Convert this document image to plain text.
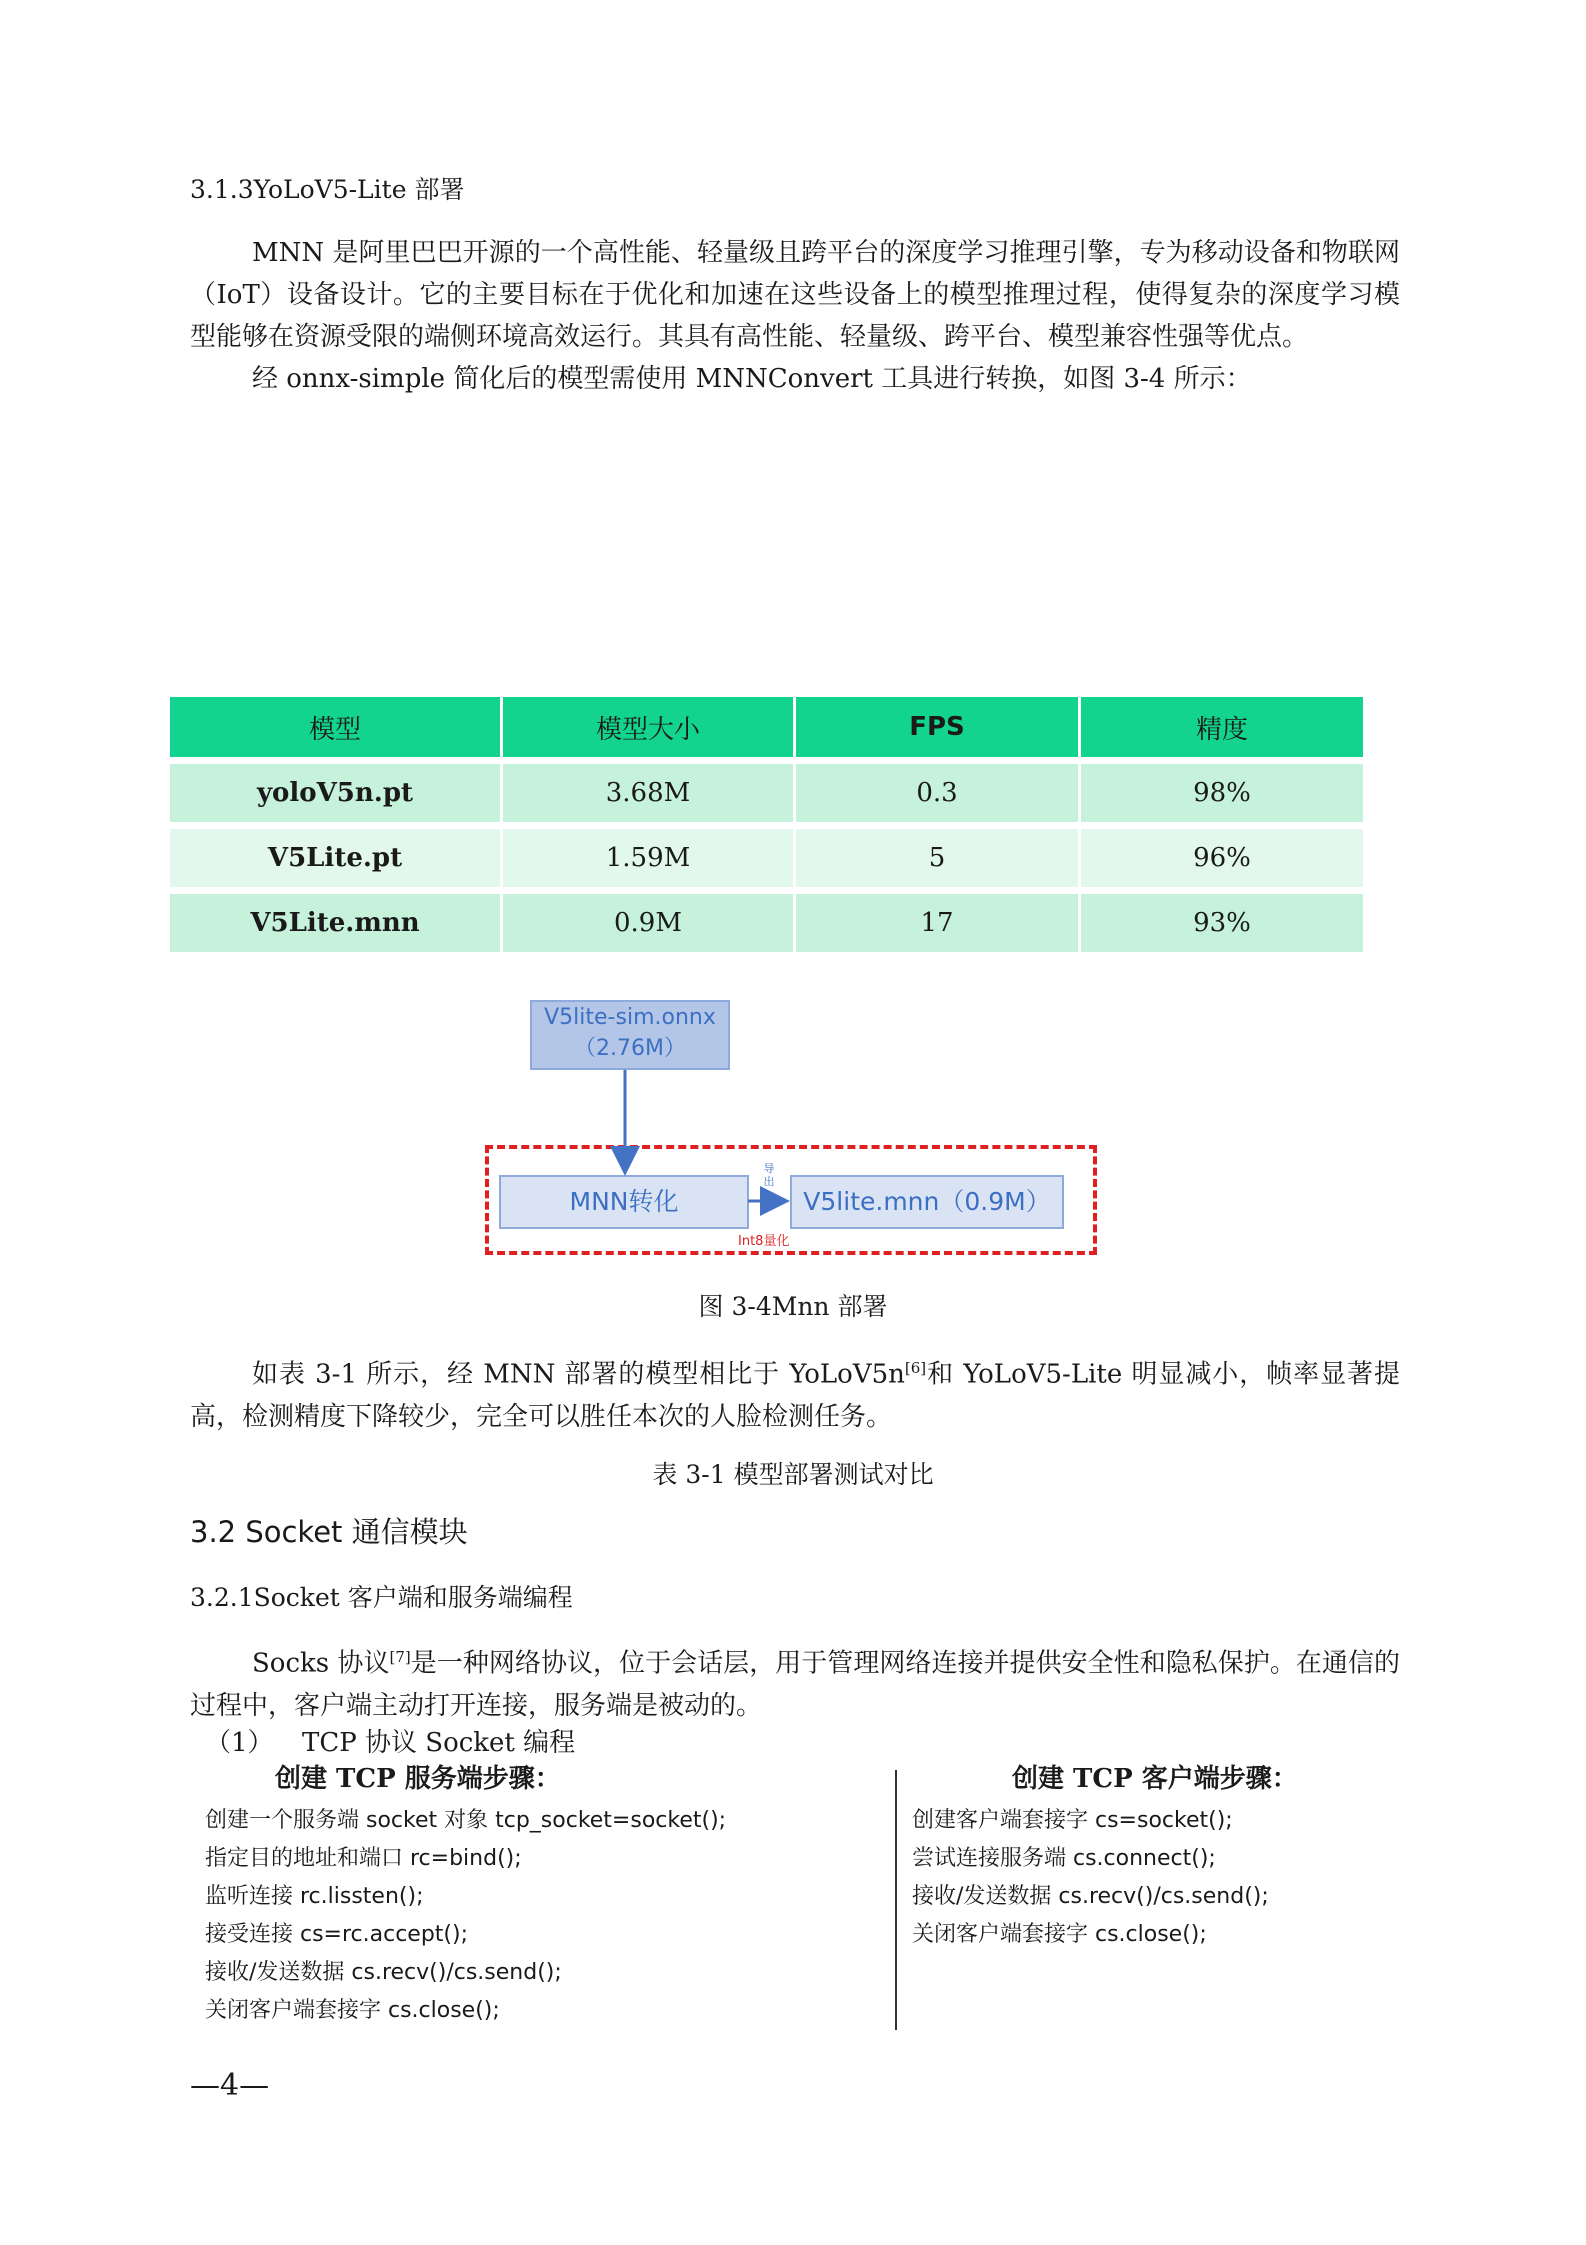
3.1.3YoLoV5-Lite 部署

MNN 是阿里巴巴开源的一个高性能、轻量级且跨平台的深度学习推理引擎，专为移动设备和物联网（IoT）设备设计。它的主要目标在于优化和加速在这些设备上的模型推理过程，使得复杂的深度学习模型能够在资源受限的端侧环境高效运行。其具有高性能、轻量级、跨平台、模型兼容性强等优点。

经 onnx-simple 简化后的模型需使用 MNNConvert 工具进行转换，如图 3-4 所示：

模型	模型大小	FPS	精度
yoloV5n.pt	3.68M	0.3	98%
V5Lite.pt	1.59M	5	96%
V5Lite.mnn	0.9M	17	93%
V5lite-sim.onnx
（2.76M）
MNN转化	V5lite.mnn（0.9M）
导出
Int8量化
图 3-4Mnn 部署
如表 3-1 所示，经 MNN 部署的模型相比于 YoLoV5n[6]和 YoLoV5-Lite 明显减小，帧率显著提高，检测精度下降较少，完全可以胜任本次的人脸检测任务。
表 3-1 模型部署测试对比
3.2 Socket 通信模块
3.2.1Socket 客户端和服务端编程
Socks 协议[7]是一种网络协议，位于会话层，用于管理网络连接并提供安全性和隐私保护。在通信的过程中，客户端主动打开连接，服务端是被动的。
（1） TCP 协议 Socket 编程
创建 TCP 服务端步骤：	创建 TCP 客户端步骤：
创建一个服务端 socket 对象 tcp_socket=socket();
指定目的地址和端口 rc=bind();
监听连接 rc.lissten();
接受连接 cs=rc.accept();
接收/发送数据 cs.recv()/cs.send();
关闭客户端套接字 cs.close();
创建客户端套接字 cs=socket();
尝试连接服务端 cs.connect();
接收/发送数据 cs.recv()/cs.send();
关闭客户端套接字 cs.close();
—4—
